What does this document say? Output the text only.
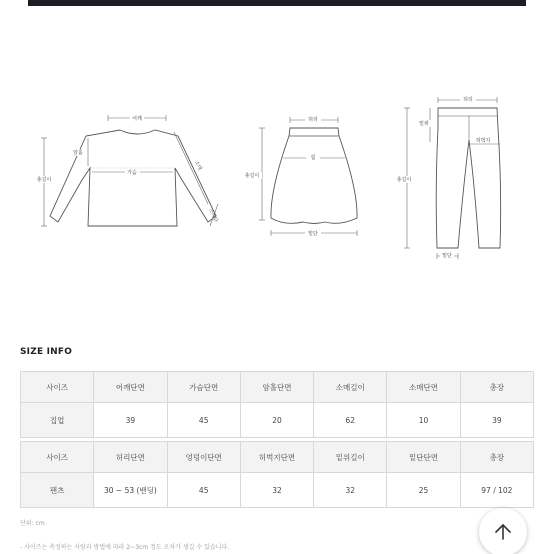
어깨
암홀
총길이
가슴
소매
소매단
허리
총길이
힙
밑단
허리
밑위
허벅지
총길이
밑단
SIZE INFO
사이즈	어깨단면	가슴단면	암홀단면	소매길이	소매단면	총장
집업	39	45	20	62	10	39
사이즈	허리단면	엉덩이단면	허벅지단면	밑위길이	밑단단면	총장
팬츠	30 ~ 53 (밴딩)	45	32	32	25	97 / 102
단위: cm
- 사이즈는 측정하는 사람과 방법에 따라 2~3cm 정도 오차가 생길 수 있습니다.
